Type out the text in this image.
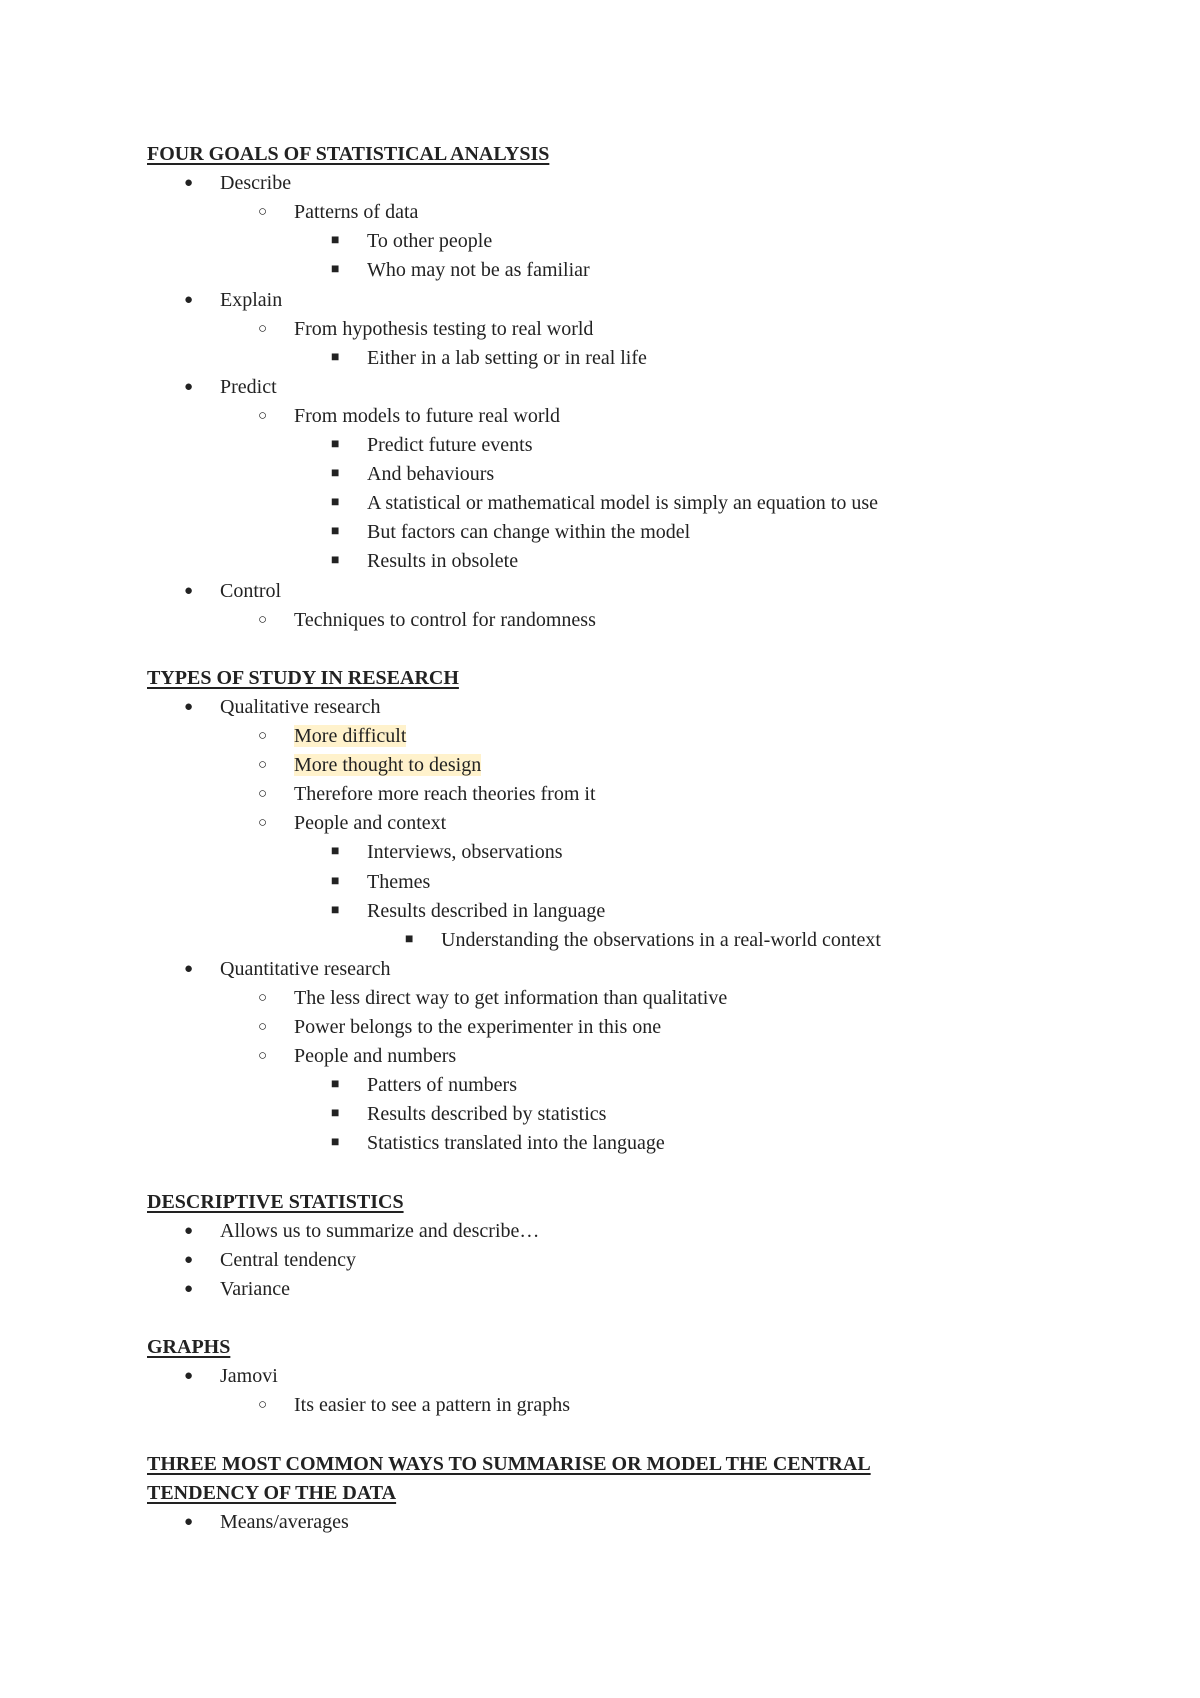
FOUR GOALS OF STATISTICAL ANALYSIS
● Describe
○ Patterns of data
■ To other people
■ Who may not be as familiar
● Explain
○ From hypothesis testing to real world
■ Either in a lab setting or in real life
● Predict
○ From models to future real world
■ Predict future events
■ And behaviours
■ A statistical or mathematical model is simply an equation to use
■ But factors can change within the model
■ Results in obsolete
● Control
○ Techniques to control for randomness
TYPES OF STUDY IN RESEARCH
● Qualitative research
○ More difficult
○ More thought to design
○ Therefore more reach theories from it
○ People and context
■ Interviews, observations
■ Themes
■ Results described in language
■ Understanding the observations in a real-world context
● Quantitative research
○ The less direct way to get information than qualitative
○ Power belongs to the experimenter in this one
○ People and numbers
■ Patters of numbers
■ Results described by statistics
■ Statistics translated into the language
DESCRIPTIVE STATISTICS
● Allows us to summarize and describe…
● Central tendency
● Variance
GRAPHS
● Jamovi
○ Its easier to see a pattern in graphs
THREE MOST COMMON WAYS TO SUMMARISE OR MODEL THE CENTRAL
TENDENCY OF THE DATA
● Means/averages
